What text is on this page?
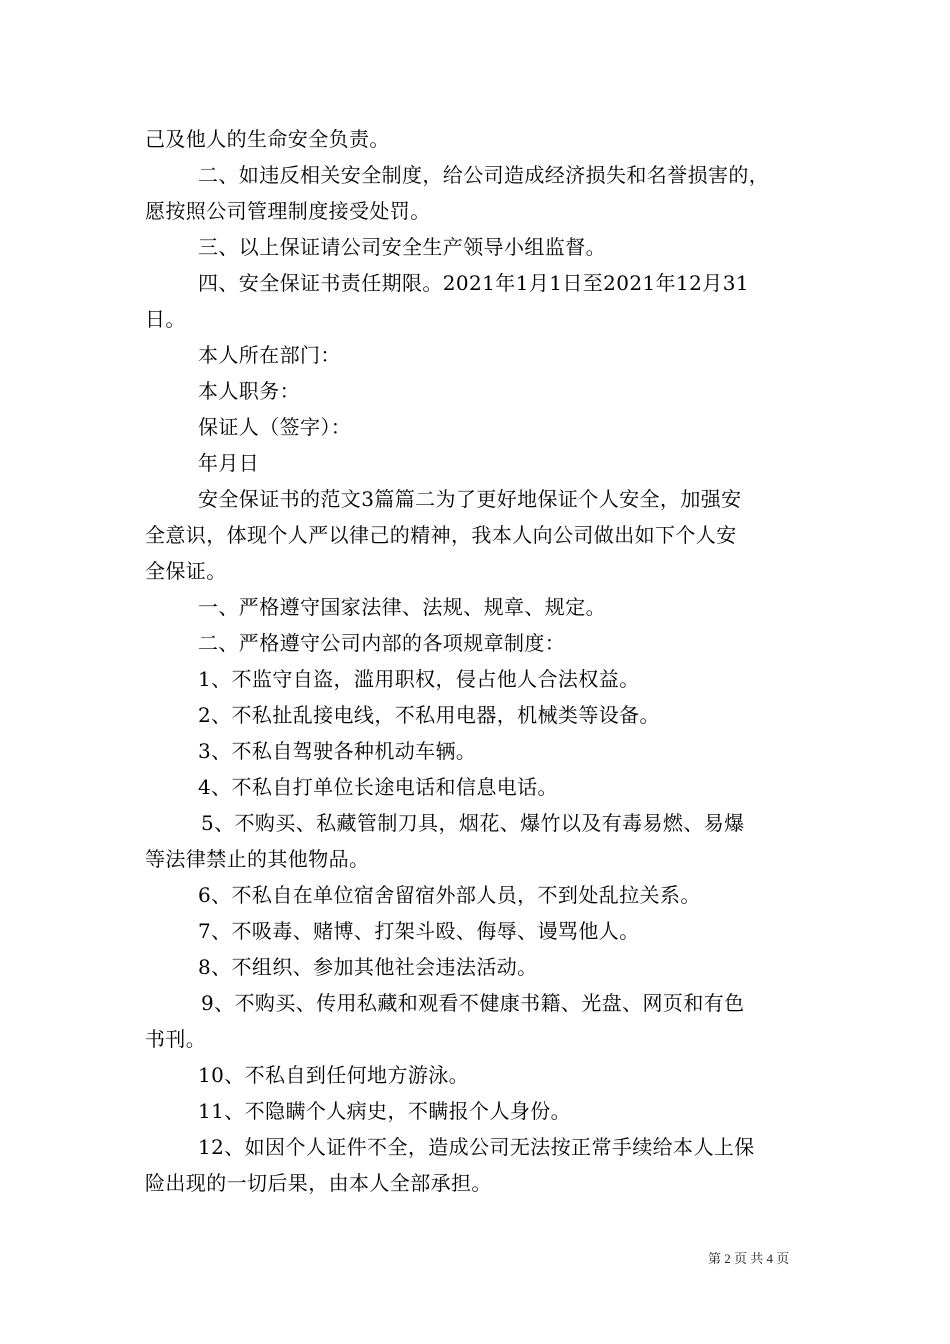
己及他人的生命安全负责。
二、如违反相关安全制度，给公司造成经济损失和名誉损害的，
愿按照公司管理制度接受处罚。
三、以上保证请公司安全生产领导小组监督。
四、安全保证书责任期限。2021年1月1日至2021年12月31
日。
本人所在部门：
本人职务：
保证人（签字）：
年月日
安全保证书的范文3篇篇二为了更好地保证个人安全，加强安
全意识，体现个人严以律己的精神，我本人向公司做出如下个人安
全保证。
一、严格遵守国家法律、法规、规章、规定。
二、严格遵守公司内部的各项规章制度：
1、不监守自盗，滥用职权，侵占他人合法权益。
2、不私扯乱接电线，不私用电器，机械类等设备。
3、不私自驾驶各种机动车辆。
4、不私自打单位长途电话和信息电话。
5、不购买、私藏管制刀具，烟花、爆竹以及有毒易燃、易爆
等法律禁止的其他物品。
6、不私自在单位宿舍留宿外部人员，不到处乱拉关系。
7、不吸毒、赌博、打架斗殴、侮辱、谩骂他人。
8、不组织、参加其他社会违法活动。
9、不购买、传用私藏和观看不健康书籍、光盘、网页和有色
书刊。
10、不私自到任何地方游泳。
11、不隐瞒个人病史，不瞒报个人身份。
12、如因个人证件不全，造成公司无法按正常手续给本人上保
险出现的一切后果，由本人全部承担。
第 2 页 共 4 页
